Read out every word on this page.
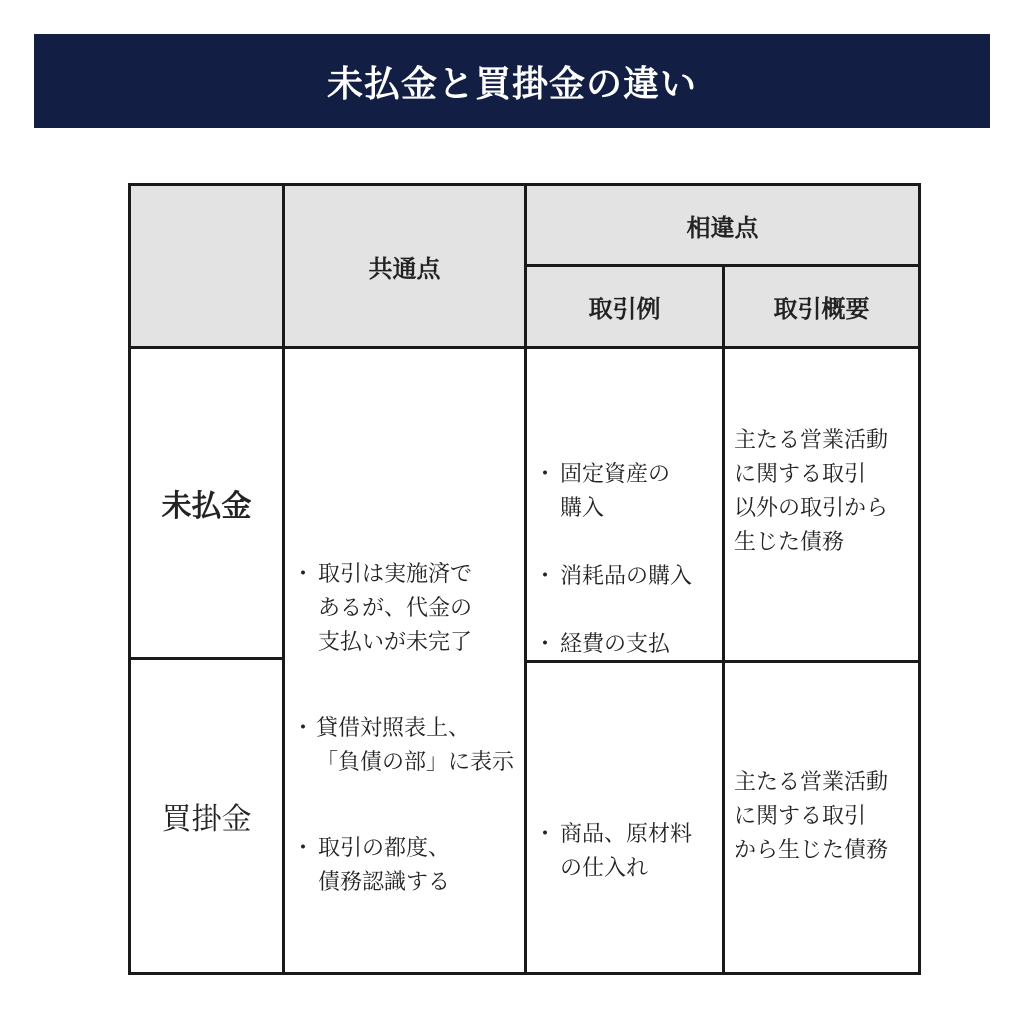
未払金と買掛金の違い
共通点
相違点
取引例	取引概要
未払金
買掛金

・ 取引は実施済で
あるが、代金の
支払いが未完了

・ 貸借対照表上、
「負債の部」に表示

・ 取引の都度、
債務認識する

・ 固定資産の
購入

・ 消耗品の購入

・ 経費の支払

主たる営業活動
に関する取引
以外の取引から
生じた債務

・ 商品、原材料
の仕入れ

主たる営業活動
に関する取引
から生じた債務
